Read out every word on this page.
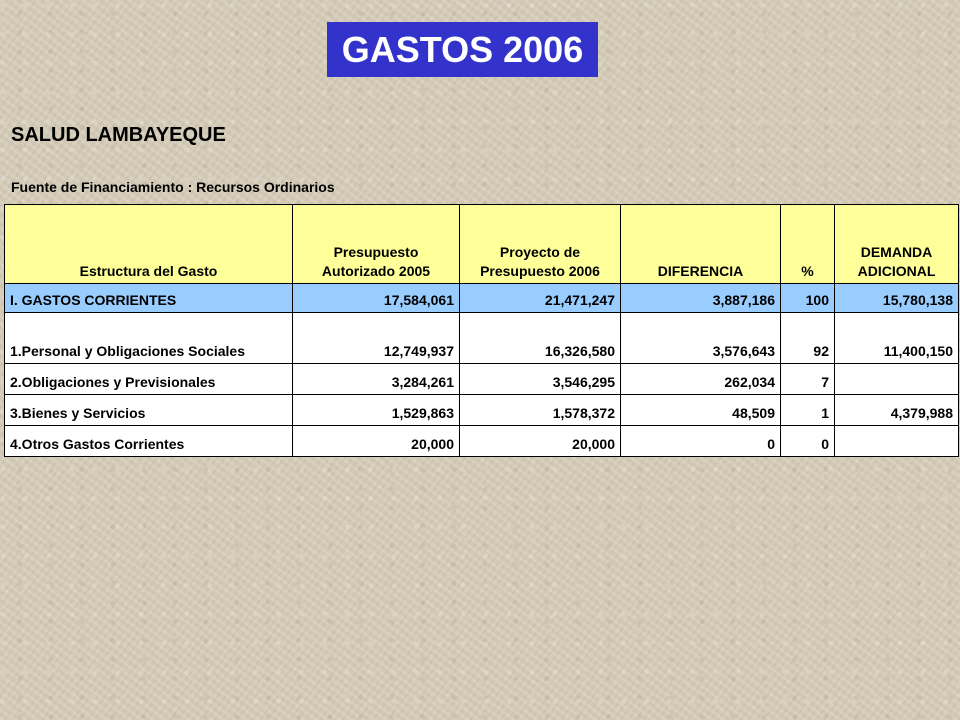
GASTOS 2006
SALUD LAMBAYEQUE
Fuente de Financiamiento : Recursos Ordinarios
Estructura del Gasto	Presupuesto Autorizado 2005	Proyecto de Presupuesto 2006	DIFERENCIA	%	DEMANDA ADICIONAL
I. GASTOS CORRIENTES	17,584,061	21,471,247	3,887,186	100	15,780,138
1.Personal y Obligaciones Sociales	12,749,937	16,326,580	3,576,643	92	11,400,150
2.Obligaciones y Previsionales	3,284,261	3,546,295	262,034	7	
3.Bienes y Servicios	1,529,863	1,578,372	48,509	1	4,379,988
4.Otros Gastos Corrientes	20,000	20,000	0	0	
